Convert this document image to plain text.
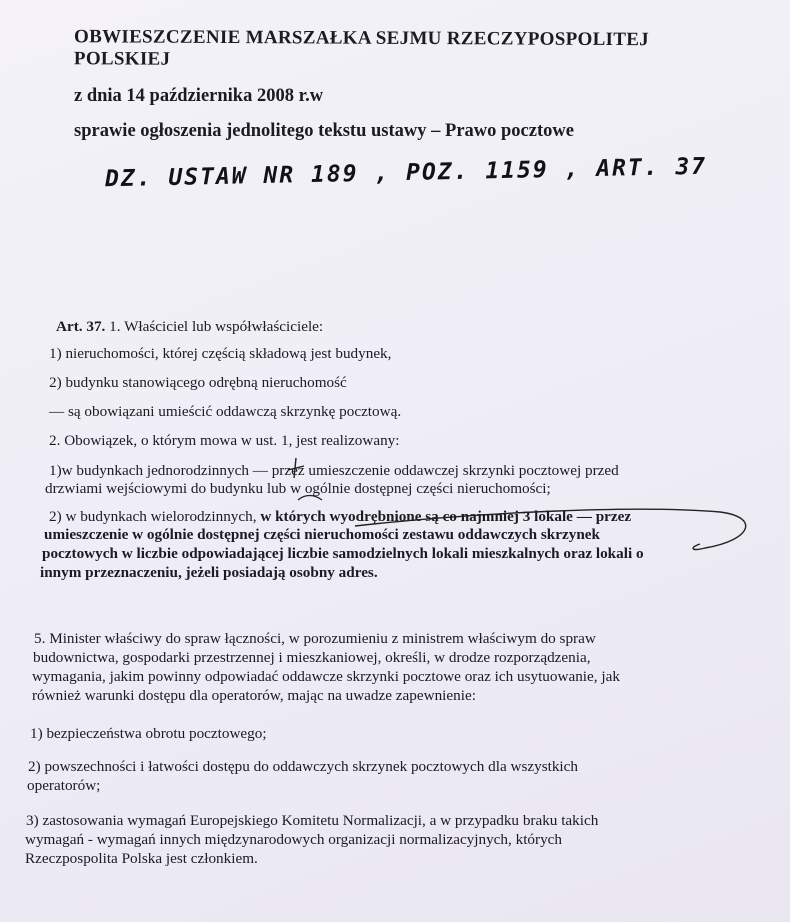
OBWIESZCZENIE MARSZAŁKA SEJMU RZECZYPOSPOLITEJ
POLSKIEJ
z dnia 14 października 2008 r.w
sprawie ogłoszenia jednolitego tekstu ustawy – Prawo pocztowe
DZ. USTAW NR 189 , POZ. 1159 , ART. 37
Art. 37. 1. Właściciel lub współwłaściciele:
1) nieruchomości, której częścią składową jest budynek,
2) budynku stanowiącego odrębną nieruchomość
— są obowiązani umieścić oddawczą skrzynkę pocztową.
2. Obowiązek, o którym mowa w ust. 1, jest realizowany:
1)w budynkach jednorodzinnych — przez umieszczenie oddawczej skrzynki pocztowej przed
drzwiami wejściowymi do budynku lub w ogólnie dostępnej części nieruchomości;
2) w budynkach wielorodzinnych, w których wyodrębnione są co najmniej 3 lokale — przez
umieszczenie w ogólnie dostępnej części nieruchomości zestawu oddawczych skrzynek
pocztowych w liczbie odpowiadającej liczbie samodzielnych lokali mieszkalnych oraz lokali o
innym przeznaczeniu, jeżeli posiadają osobny adres.
5. Minister właściwy do spraw łączności, w porozumieniu z ministrem właściwym do spraw
budownictwa, gospodarki przestrzennej i mieszkaniowej, określi, w drodze rozporządzenia,
wymagania, jakim powinny odpowiadać oddawcze skrzynki pocztowe oraz ich usytuowanie, jak
również warunki dostępu dla operatorów, mając na uwadze zapewnienie:
1) bezpieczeństwa obrotu pocztowego;
2) powszechności i łatwości dostępu do oddawczych skrzynek pocztowych dla wszystkich
operatorów;
3) zastosowania wymagań Europejskiego Komitetu Normalizacji, a w przypadku braku takich
wymagań - wymagań innych międzynarodowych organizacji normalizacyjnych, których
Rzeczpospolita Polska jest członkiem.
